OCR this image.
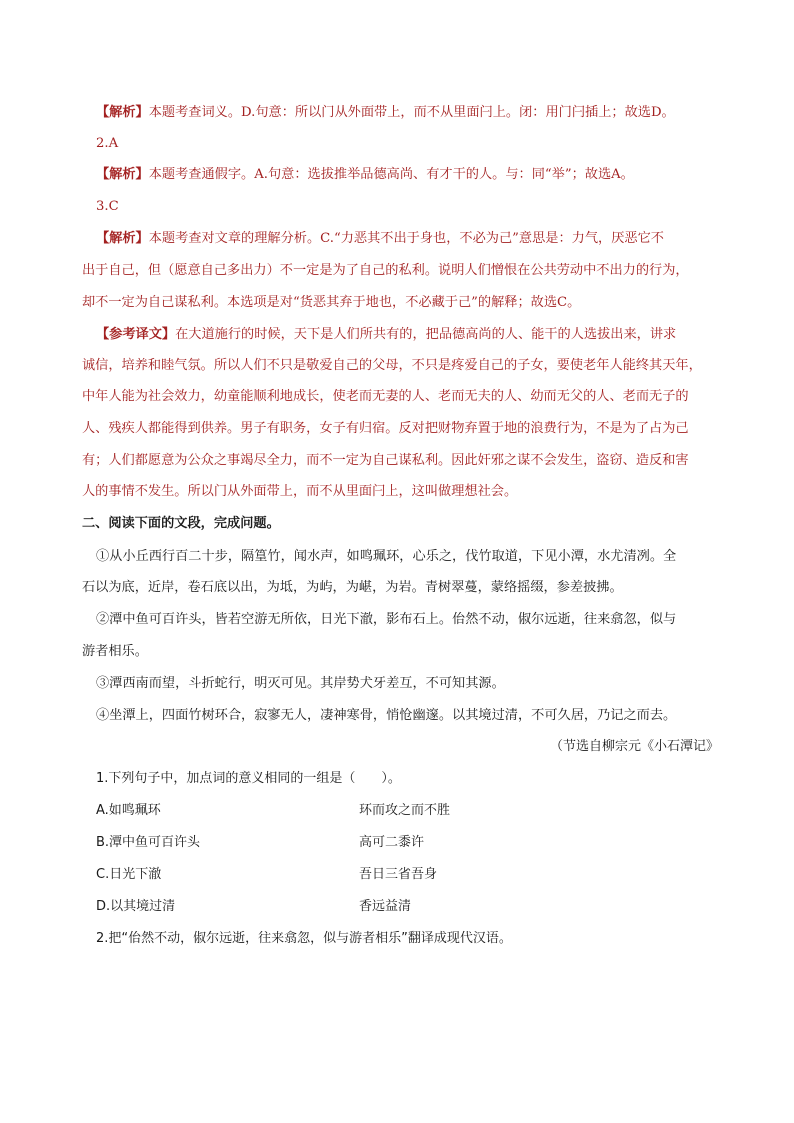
【解析】本题考查词义。D.句意：所以门从外面带上，而不从里面闩上。闭：用门闩插上；故选D。
2.A
【解析】本题考查通假字。A.句意：选拔推举品德高尚、有才干的人。与：同“举”；故选A。
3.C
【解析】本题考查对文章的理解分析。C.“力恶其不出于身也，不必为己”意思是：力气，厌恶它不
出于自己，但（愿意自己多出力）不一定是为了自己的私利。说明人们憎恨在公共劳动中不出力的行为，
却不一定为自己谋私利。本选项是对“货恶其弃于地也，不必藏于己”的解释；故选C。
【参考译文】在大道施行的时候，天下是人们所共有的，把品德高尚的人、能干的人选拔出来，讲求
诚信，培养和睦气氛。所以人们不只是敬爱自己的父母，不只是疼爱自己的子女，要使老年人能终其天年，
中年人能为社会效力，幼童能顺利地成长，使老而无妻的人、老而无夫的人、幼而无父的人、老而无子的
人、残疾人都能得到供养。男子有职务，女子有归宿。反对把财物弃置于地的浪费行为，不是为了占为己
有；人们都愿意为公众之事竭尽全力，而不一定为自己谋私利。因此奸邪之谋不会发生，盗窃、造反和害
人的事情不发生。所以门从外面带上，而不从里面闩上，这叫做理想社会。
二、阅读下面的文段，完成问题。
①从小丘西行百二十步，隔篁竹，闻水声，如鸣珮环，心乐之，伐竹取道，下见小潭，水尤清冽。全
石以为底，近岸，卷石底以出，为坻，为屿，为嵁，为岩。青树翠蔓，蒙络摇缀，参差披拂。
②潭中鱼可百许头，皆若空游无所依，日光下澈，影布石上。佁然不动，俶尔远逝，往来翕忽，似与
游者相乐。
③潭西南而望，斗折蛇行，明灭可见。其岸势犬牙差互，不可知其源。
④坐潭上，四面竹树环合，寂寥无人，凄神寒骨，悄怆幽邃。以其境过清，不可久居，乃记之而去。
（节选自柳宗元《小石潭记》
1.下列句子中，加点词的意义相同的一组是（　　）。
A.如鸣珮环	环而攻之而不胜
B.潭中鱼可百许头	高可二黍许
C.日光下澈	吾日三省吾身
D.以其境过清	香远益清
2.把“佁然不动，俶尔远逝，往来翕忽，似与游者相乐”翻译成现代汉语。
